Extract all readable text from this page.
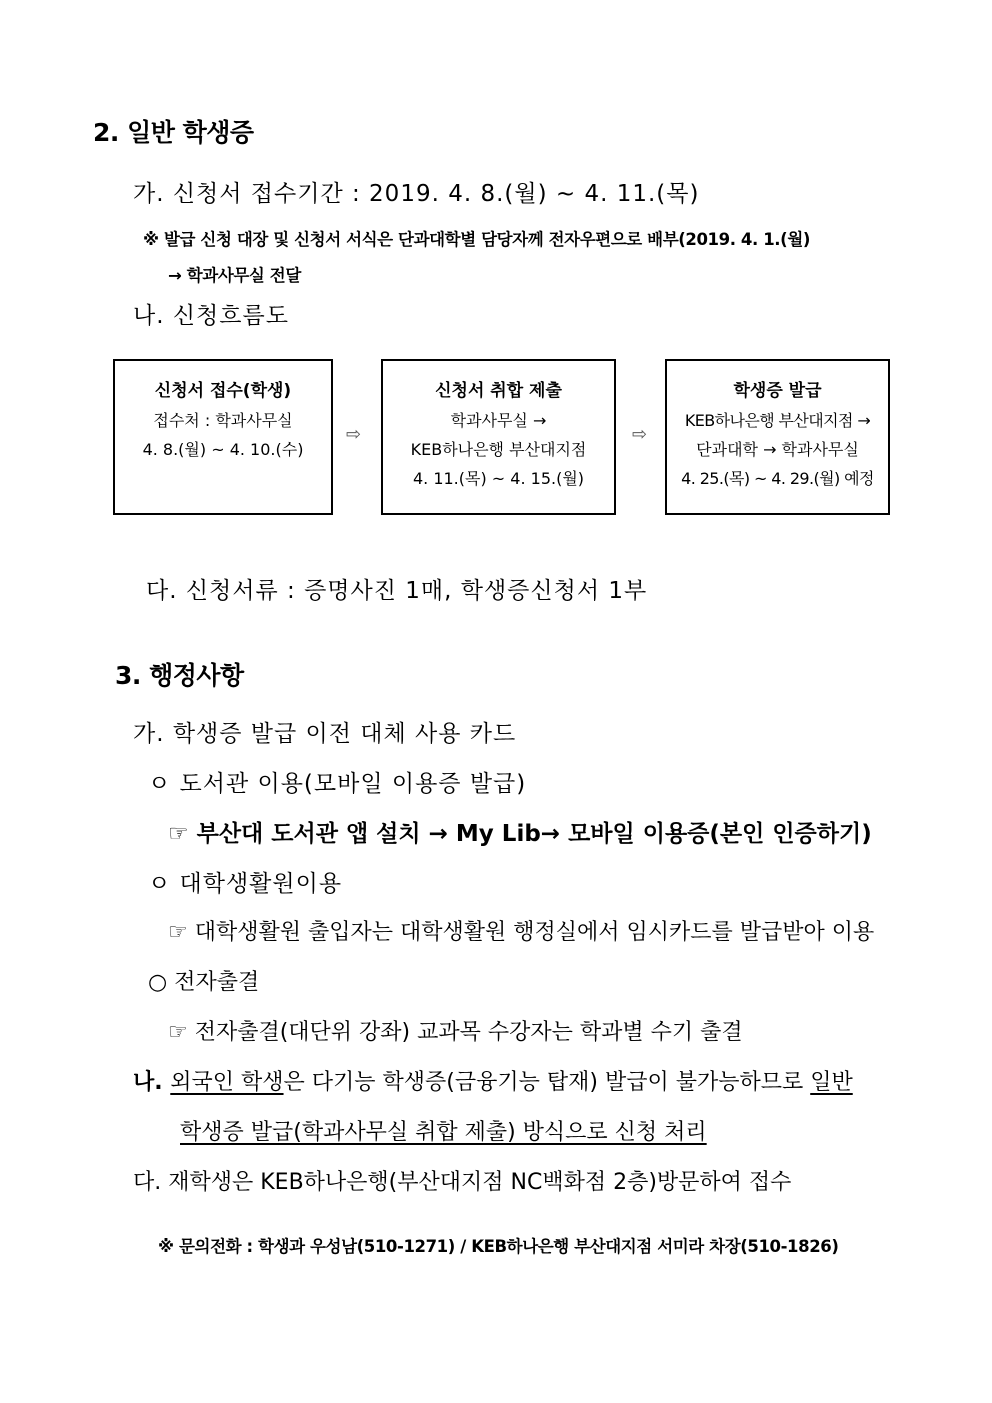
2. 일반 학생증
가. 신청서 접수기간 : 2019. 4. 8.(월) ~ 4. 11.(목)
※ 발급 신청 대장 및 신청서 서식은 단과대학별 담당자께 전자우편으로 배부(2019. 4. 1.(월)
→ 학과사무실 전달
나. 신청흐름도
신청서 접수(학생)
접수처 : 학과사무실
4. 8.(월) ~ 4. 10.(수)
⇨
신청서 취합 제출
학과사무실 →
KEB하나은행 부산대지점
4. 11.(목) ~ 4. 15.(월)
⇨
학생증 발급
KEB하나은행 부산대지점 →
단과대학 → 학과사무실
4. 25.(목) ~ 4. 29.(월) 예정
다. 신청서류 : 증명사진 1매, 학생증신청서 1부
3. 행정사항
가. 학생증 발급 이전 대체 사용 카드
ㅇ 도서관 이용(모바일 이용증 발급)
☞ 부산대 도서관 앱 설치 → My Lib→ 모바일 이용증(본인 인증하기)
ㅇ 대학생활원이용
☞ 대학생활원 출입자는 대학생활원 행정실에서 임시카드를 발급받아 이용
○ 전자출결
☞ 전자출결(대단위 강좌) 교과목 수강자는 학과별 수기 출결
나. 외국인 학생은 다기능 학생증(금융기능 탑재) 발급이 불가능하므로 일반
학생증 발급(학과사무실 취합 제출) 방식으로 신청 처리
다. 재학생은 KEB하나은행(부산대지점 NC백화점 2층)방문하여 접수
※ 문의전화 : 학생과 우성남(510-1271) / KEB하나은행 부산대지점 서미라 차장(510-1826)
